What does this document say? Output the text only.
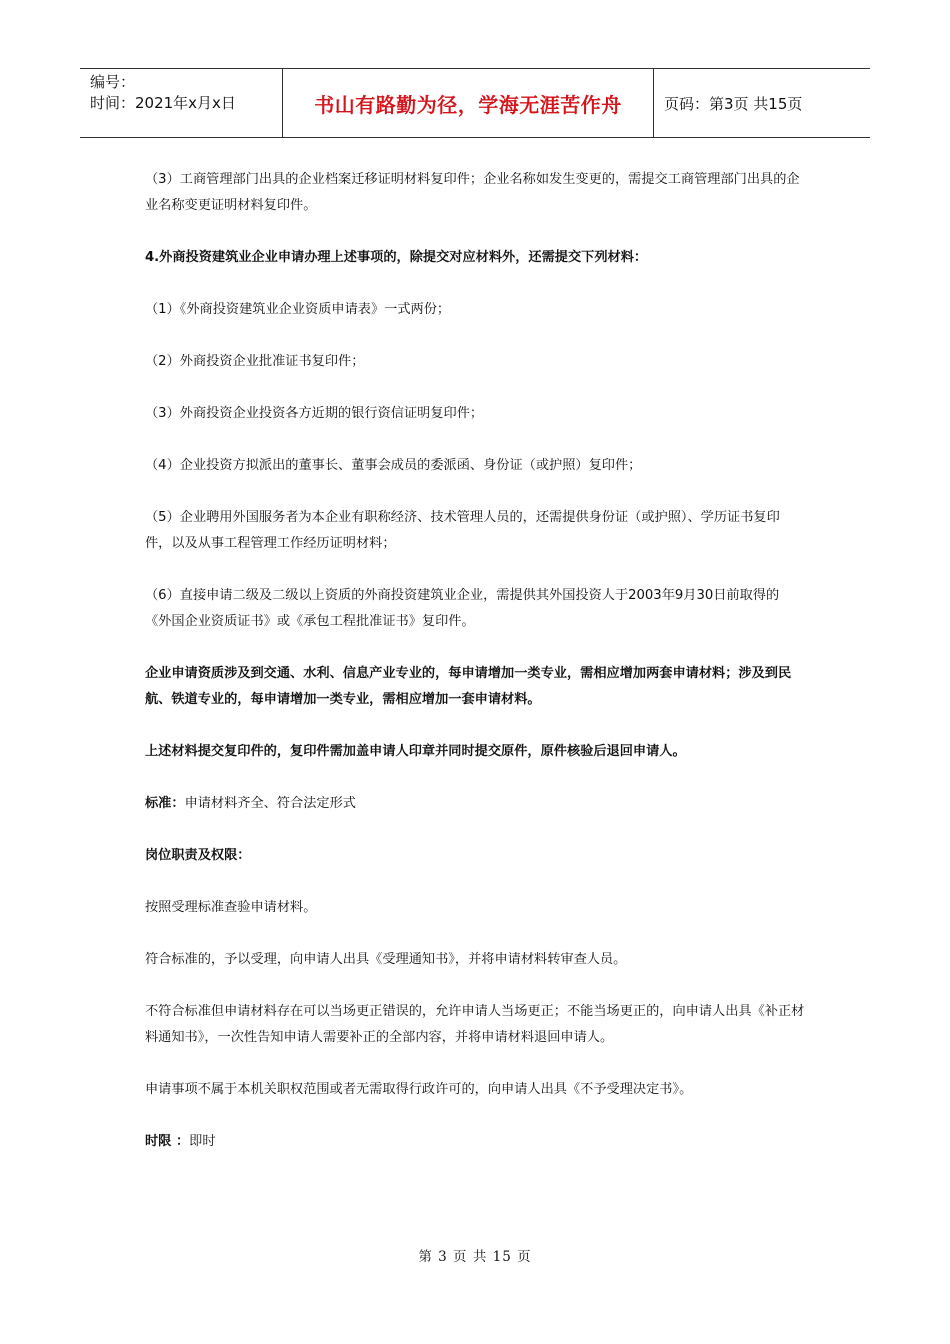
编号：
时间：2021年x月x日	书山有路勤为径，学海无涯苦作舟	页码：第3页 共15页

（3）工商管理部门出具的企业档案迁移证明材料复印件；企业名称如发生变更的，需提交工商管理部门出具的企业名称变更证明材料复印件。

4.外商投资建筑业企业申请办理上述事项的，除提交对应材料外，还需提交下列材料：

（1）《外商投资建筑业企业资质申请表》一式两份；

（2）外商投资企业批准证书复印件；

（3）外商投资企业投资各方近期的银行资信证明复印件；

（4）企业投资方拟派出的董事长、董事会成员的委派函、身份证（或护照）复印件；

（5）企业聘用外国服务者为本企业有职称经济、技术管理人员的，还需提供身份证（或护照）、学历证书复印件，以及从事工程管理工作经历证明材料；

（6）直接申请二级及二级以上资质的外商投资建筑业企业，需提供其外国投资人于2003年9月30日前取得的《外国企业资质证书》或《承包工程批准证书》复印件。

企业申请资质涉及到交通、水利、信息产业专业的，每申请增加一类专业，需相应增加两套申请材料；涉及到民航、铁道专业的，每申请增加一类专业，需相应增加一套申请材料。

上述材料提交复印件的，复印件需加盖申请人印章并同时提交原件，原件核验后退回申请人。

标准：申请材料齐全、符合法定形式

岗位职责及权限：

按照受理标准查验申请材料。

符合标准的，予以受理，向申请人出具《受理通知书》，并将申请材料转审查人员。

不符合标准但申请材料存在可以当场更正错误的，允许申请人当场更正；不能当场更正的，向申请人出具《补正材料通知书》，一次性告知申请人需要补正的全部内容，并将申请材料退回申请人。

申请事项不属于本机关职权范围或者无需取得行政许可的，向申请人出具《不予受理决定书》。

时限 ：即时

第 3 页 共 15 页
